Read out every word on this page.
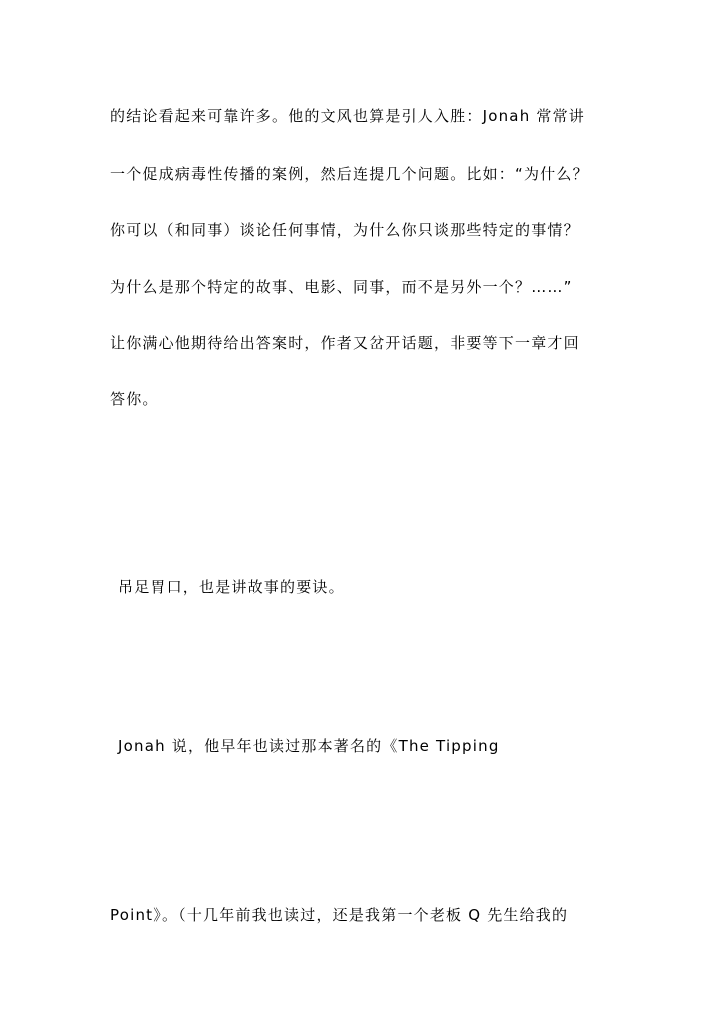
的结论看起来可靠许多。他的文风也算是引人入胜：Jonah 常常讲
一个促成病毒性传播的案例，然后连提几个问题。比如：“为什么？
你可以（和同事）谈论任何事情，为什么你只谈那些特定的事情？
为什么是那个特定的故事、电影、同事，而不是另外一个？……”
让你满心他期待给出答案时，作者又岔开话题，非要等下一章才回
答你。
吊足胃口，也是讲故事的要诀。
Jonah 说，他早年也读过那本著名的《The Tipping
Point》。（十几年前我也读过，还是我第一个老板 Q 先生给我的
